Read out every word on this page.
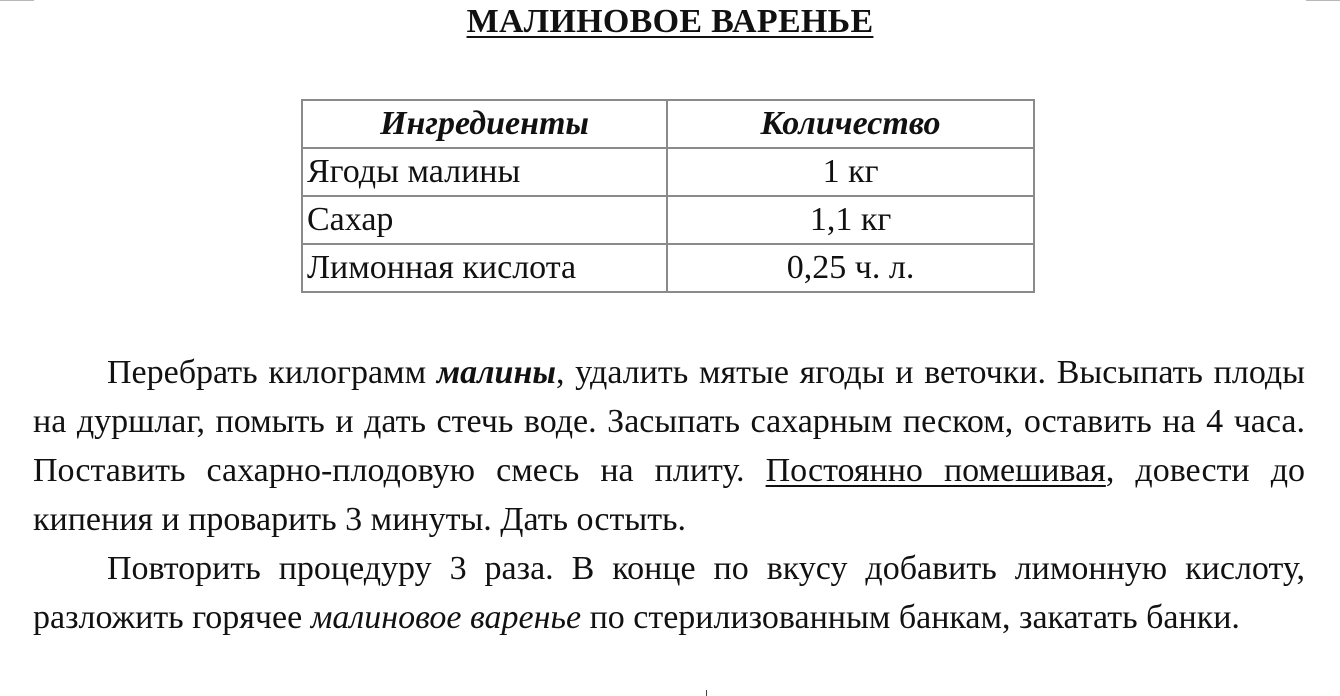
МАЛИНОВОЕ ВАРЕНЬЕ
Ингредиенты	Количество
Ягоды малины	1 кг
Сахар	1,1 кг
Лимонная кислота	0,25 ч. л.

Перебрать килограмм малины, удалить мятые ягоды и веточки. Высыпать плоды на дуршлаг, помыть и дать стечь воде. Засыпать сахарным песком, оставить на 4 часа. Поставить сахарно-плодовую смесь на плиту. Постоянно помешивая, довести до кипения и проварить 3 минуты. Дать остыть.

Повторить процедуру 3 раза. В конце по вкусу добавить лимонную кислоту, разложить горячее малиновое варенье по стерилизованным банкам, закатать банки.
